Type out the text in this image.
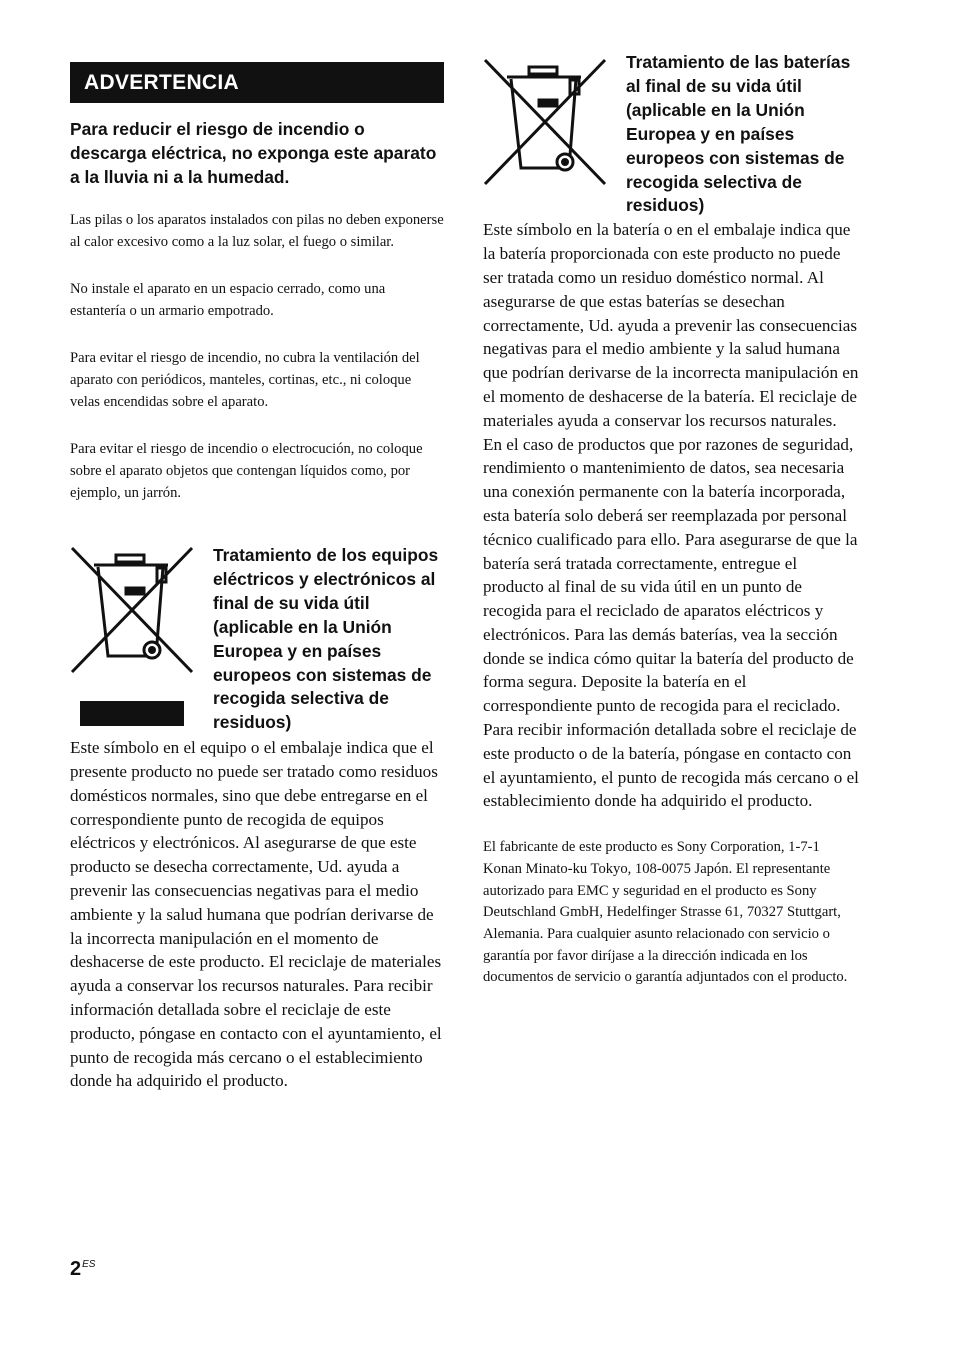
ADVERTENCIA

Para reducir el riesgo de incendio o descarga eléctrica, no exponga este aparato a la lluvia ni a la humedad.

Las pilas o los aparatos instalados con pilas no deben exponerse al calor excesivo como a la luz solar, el fuego o similar.

No instale el aparato en un espacio cerrado, como una estantería o un armario empotrado.

Para evitar el riesgo de incendio, no cubra la ventilación del aparato con periódicos, manteles, cortinas, etc., ni coloque velas encendidas sobre el aparato.

Para evitar el riesgo de incendio o electrocución, no coloque sobre el aparato objetos que contengan líquidos como, por ejemplo, un jarrón.

Tratamiento de los equipos eléctricos y electrónicos al final de su vida útil (aplicable en la Unión Europea y en países europeos con sistemas de recogida selectiva de residuos)

Este símbolo en el equipo o el embalaje indica que el presente producto no puede ser tratado como residuos domésticos normales, sino que debe entregarse en el correspondiente punto de recogida de equipos eléctricos y electrónicos. Al asegurarse de que este producto se desecha correctamente, Ud. ayuda a prevenir las consecuencias negativas para el medio ambiente y la salud humana que podrían derivarse de la incorrecta manipulación en el momento de deshacerse de este producto. El reciclaje de materiales ayuda a conservar los recursos naturales. Para recibir información detallada sobre el reciclaje de este producto, póngase en contacto con el ayuntamiento, el punto de recogida más cercano o el establecimiento donde ha adquirido el producto.

Tratamiento de las baterías al final de su vida útil (aplicable en la Unión Europea y en países europeos con sistemas de recogida selectiva de residuos)

Este símbolo en la batería o en el embalaje indica que la batería proporcionada con este producto no puede ser tratada como un residuo doméstico normal. Al asegurarse de que estas baterías se desechan correctamente, Ud. ayuda a prevenir las consecuencias negativas para el medio ambiente y la salud humana que podrían derivarse de la incorrecta manipulación en el momento de deshacerse de la batería. El reciclaje de materiales ayuda a conservar los recursos naturales. En el caso de productos que por razones de seguridad, rendimiento o mantenimiento de datos, sea necesaria una conexión permanente con la batería incorporada, esta batería solo deberá ser reemplazada por personal técnico cualificado para ello. Para asegurarse de que la batería será tratada correctamente, entregue el producto al final de su vida útil en un punto de recogida para el reciclado de aparatos eléctricos y electrónicos. Para las demás baterías, vea la sección donde se indica cómo quitar la batería del producto de forma segura. Deposite la batería en el correspondiente punto de recogida para el reciclado. Para recibir información detallada sobre el reciclaje de este producto o de la batería, póngase en contacto con el ayuntamiento, el punto de recogida más cercano o el establecimiento donde ha adquirido el producto.

El fabricante de este producto es Sony Corporation, 1-7-1 Konan Minato-ku Tokyo, 108-0075 Japón. El representante autorizado para EMC y seguridad en el producto es Sony Deutschland GmbH, Hedelfinger Strasse 61, 70327 Stuttgart, Alemania. Para cualquier asunto relacionado con servicio o garantía por favor diríjase a la dirección indicada en los documentos de servicio o garantía adjuntados con el producto.

$2^{ES}$
